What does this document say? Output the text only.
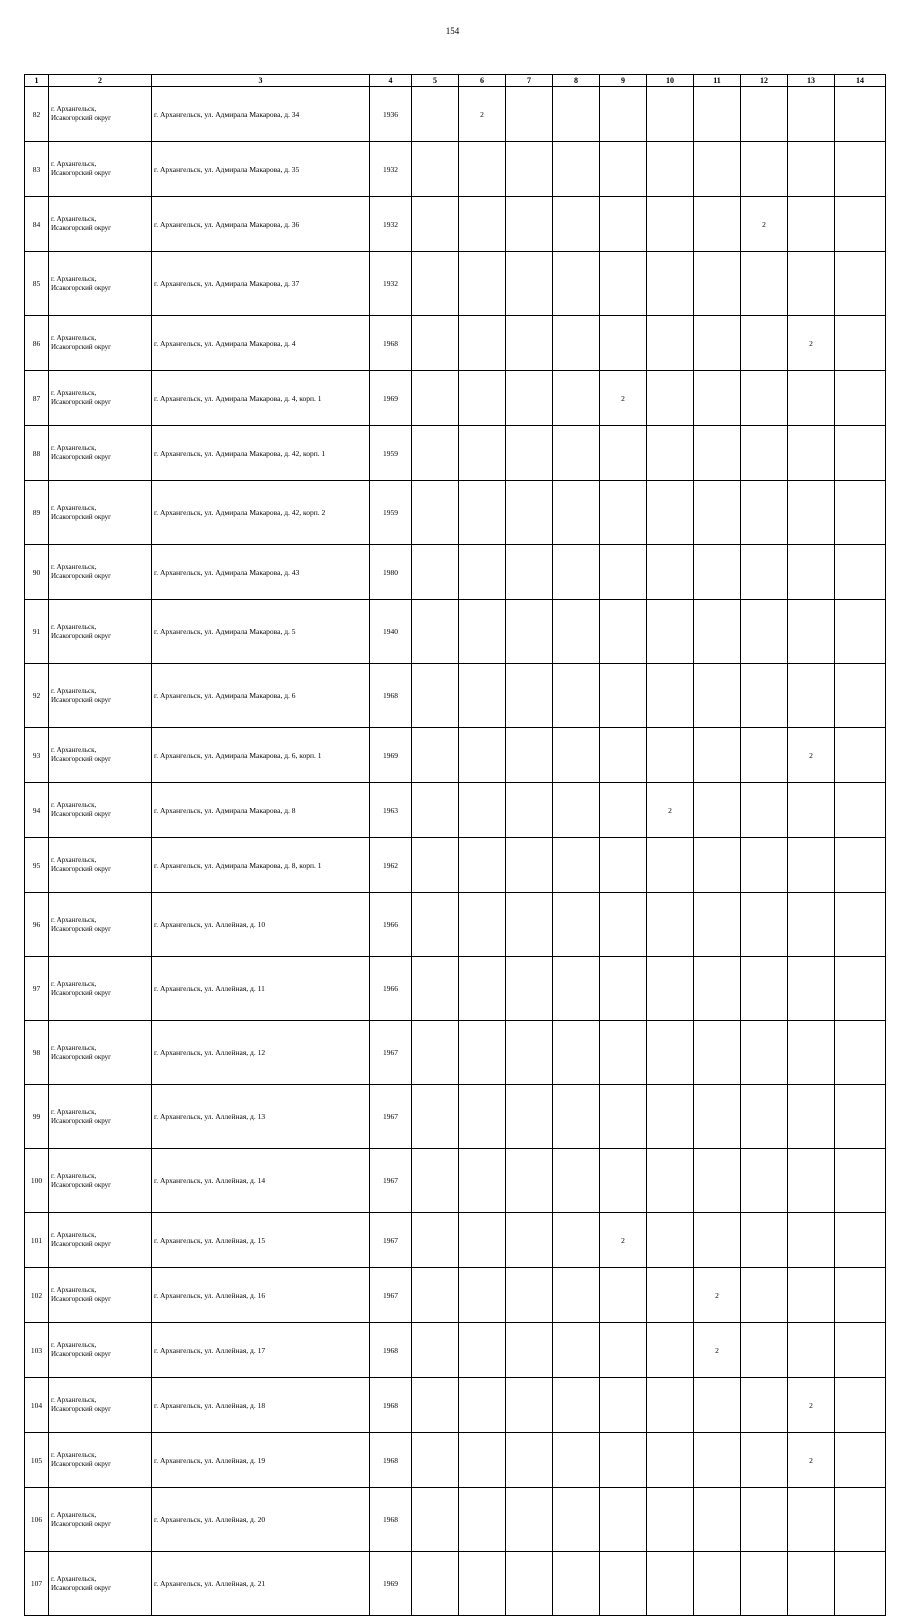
154
1	2	3	4	5	6	7	8	9	10	11	12	13	14	
82	г. Архангельск,
Исакогорский округ	г. Архангельск, ул. Адмирала Макарова, д. 34	1936		2									

83	г. Архангельск,
Исакогорский округ	г. Архангельск, ул. Адмирала Макарова, д. 35	1932											

84	г. Архангельск,
Исакогорский округ	г. Архангельск, ул. Адмирала Макарова, д. 36	1932								2			

85	г. Архангельск,
Исакогорский округ	г. Архангельск, ул. Адмирала Макарова, д. 37	1932											

86	г. Архангельск,
Исакогорский округ	г. Архангельск, ул. Адмирала Макарова, д. 4	1968									2		

87	г. Архангельск,
Исакогорский округ	г. Архангельск, ул. Адмирала Макарова, д. 4, корп. 1	1969					2						

88	г. Архангельск,
Исакогорский округ	г. Архангельск, ул. Адмирала Макарова, д. 42, корп. 1	1959											

89	г. Архангельск,
Исакогорский округ	г. Архангельск, ул. Адмирала Макарова, д. 42, корп. 2	1959											

90	г. Архангельск,
Исакогорский округ	г. Архангельск, ул. Адмирала Макарова, д. 43	1980											

91	г. Архангельск,
Исакогорский округ	г. Архангельск, ул. Адмирала Макарова, д. 5	1940											

92	г. Архангельск,
Исакогорский округ	г. Архангельск, ул. Адмирала Макарова, д. 6	1968											

93	г. Архангельск,
Исакогорский округ	г. Архангельск, ул. Адмирала Макарова, д. 6, корп. 1	1969									2		

94	г. Архангельск,
Исакогорский округ	г. Архангельск, ул. Адмирала Макарова, д. 8	1963						2					

95	г. Архангельск,
Исакогорский округ	г. Архангельск, ул. Адмирала Макарова, д. 8, корп. 1	1962											

96	г. Архангельск,
Исакогорский округ	г. Архангельск, ул. Аллейная, д. 10	1966											

97	г. Архангельск,
Исакогорский округ	г. Архангельск, ул. Аллейная, д. 11	1966											

98	г. Архангельск,
Исакогорский округ	г. Архангельск, ул. Аллейная, д. 12	1967											

99	г. Архангельск,
Исакогорский округ	г. Архангельск, ул. Аллейная, д. 13	1967											

100	г. Архангельск,
Исакогорский округ	г. Архангельск, ул. Аллейная, д. 14	1967											

101	г. Архангельск,
Исакогорский округ	г. Архангельск, ул. Аллейная, д. 15	1967					2						

102	г. Архангельск,
Исакогорский округ	г. Архангельск, ул. Аллейная, д. 16	1967							2				

103	г. Архангельск,
Исакогорский округ	г. Архангельск, ул. Аллейная, д. 17	1968							2				

104	г. Архангельск,
Исакогорский округ	г. Архангельск, ул. Аллейная, д. 18	1968									2		

105	г. Архангельск,
Исакогорский округ	г. Архангельск, ул. Аллейная, д. 19	1968									2		

106	г. Архангельск,
Исакогорский округ	г. Архангельск, ул. Аллейная, д. 20	1968											

107	г. Архангельск,
Исакогорский округ	г. Архангельск, ул. Аллейная, д. 21	1969											
